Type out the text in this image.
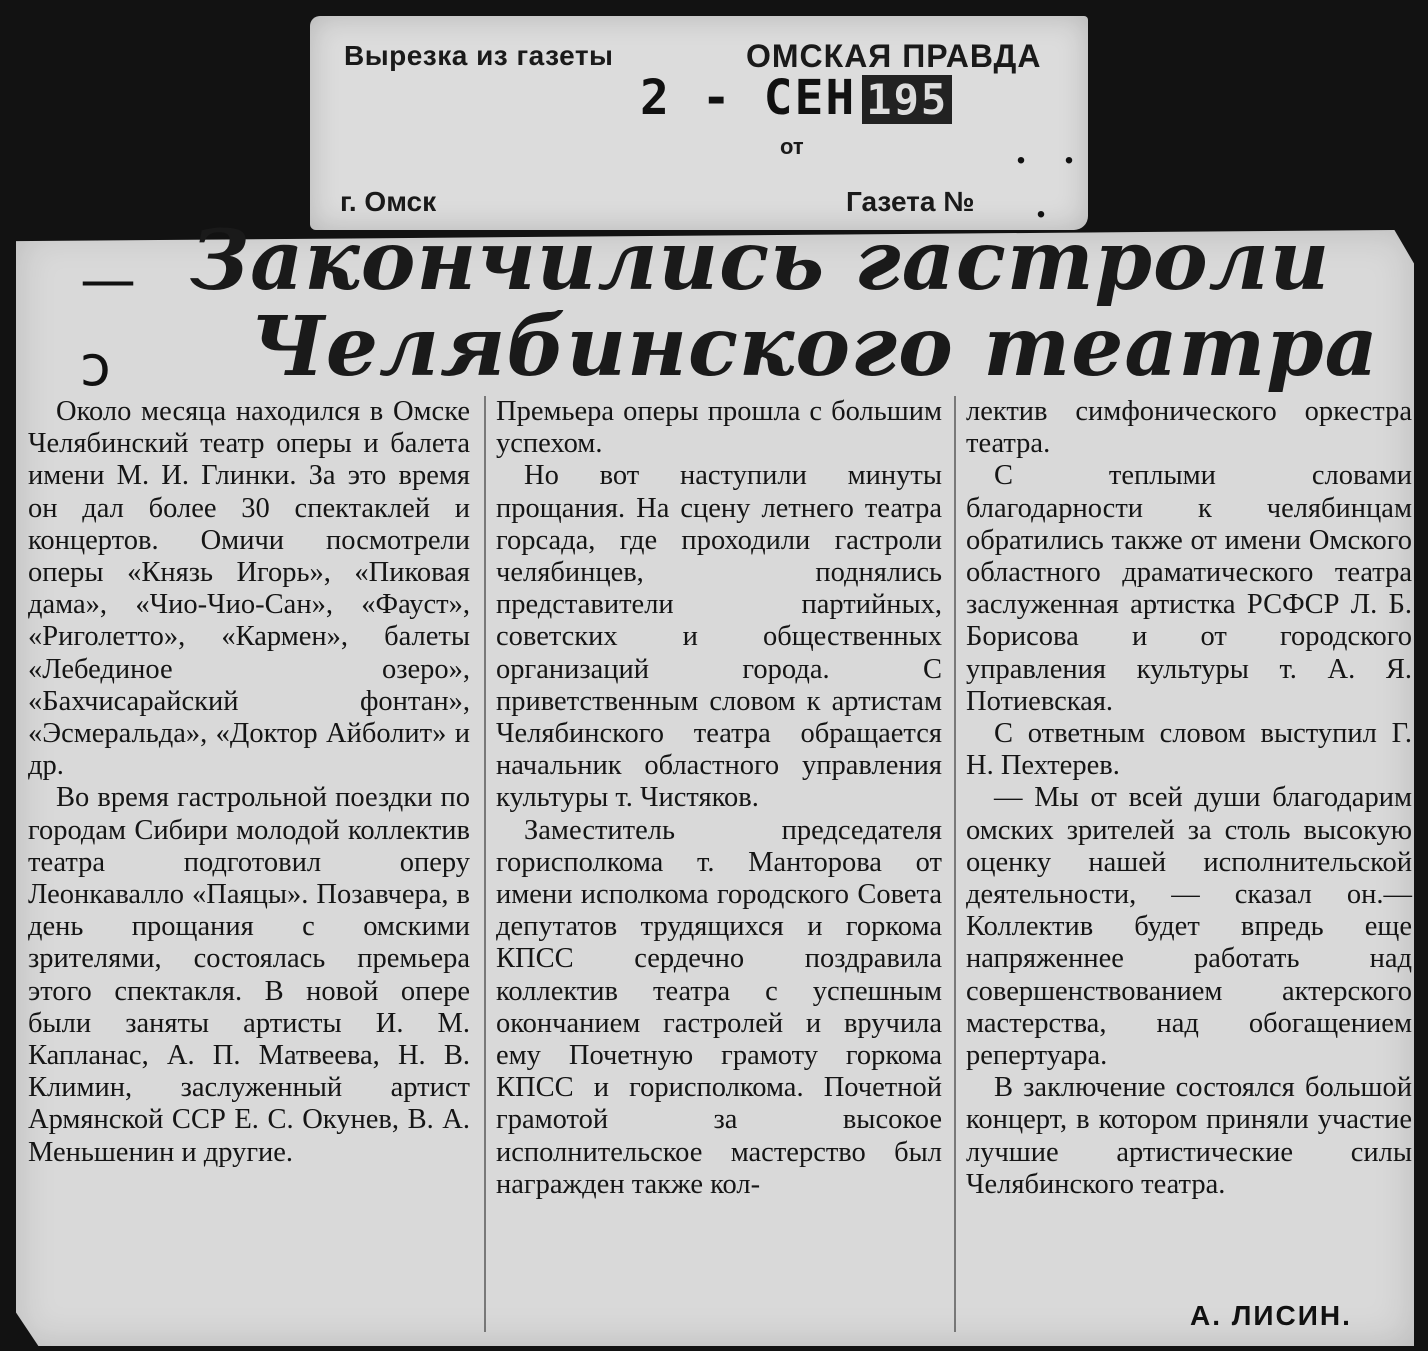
Вырезка из газеты	ОМСКАЯ ПРАВДА
2 - СЕН 195
от	. .
г. Омск	Газета № .
—
ↄ
Закончились гастроли
Челябинского театра

Около месяца находился в Омске Челябинский театр оперы и балета имени М. И. Глинки. За это время он дал более 30 спектаклей и концертов. Омичи посмотрели оперы «Князь Игорь», «Пиковая дама», «Чио-Чио-Сан», «Фауст», «Риголетто», «Кармен», балеты «Лебединое озеро», «Бахчисарайский фонтан», «Эсмеральда», «Доктор Айболит» и др.

Во время гастрольной поездки по городам Сибири молодой коллектив театра подготовил оперу Леонкавалло «Паяцы». Позавчера, в день прощания с омскими зрителями, состоялась премьера этого спектакля. В новой опере были заняты артисты И. М. Капланас, А. П. Матвеева, Н. В. Климин, заслуженный артист Армянской ССР Е. С. Окунев, В. А. Меньшенин и другие.

Премьера оперы прошла с большим успехом.

Но вот наступили минуты прощания. На сцену летнего театра горсада, где проходили гастроли челябинцев, поднялись представители партийных, советских и общественных организаций города. С приветственным словом к артистам Челябинского театра обращается начальник областного управления культуры т. Чистяков.

Заместитель председателя горисполкома т. Манторова от имени исполкома городского Совета депутатов трудящихся и горкома КПСС сердечно поздравила коллектив театра с успешным окончанием гастролей и вручила ему Почетную грамоту горкома КПСС и горисполкома. Почетной грамотой за высокое исполнительское мастерство был награжден также кол-

лектив симфонического оркестра театра.

С теплыми словами благодарности к челябинцам обратились также от имени Омского областного драматического театра заслуженная артистка РСФСР Л. Б. Борисова и от городского управления культуры т. А. Я. Потиевская.

С ответным словом выступил Г. Н. Пехтерев.

— Мы от всей души благодарим омских зрителей за столь высокую оценку нашей исполнительской деятельности, — сказал он.— Коллектив будет впредь еще напряженнее работать над совершенствованием актерского мастерства, над обогащением репертуара.

В заключение состоялся большой концерт, в котором приняли участие лучшие артистические силы Челябинского театра.

А. ЛИСИН.
